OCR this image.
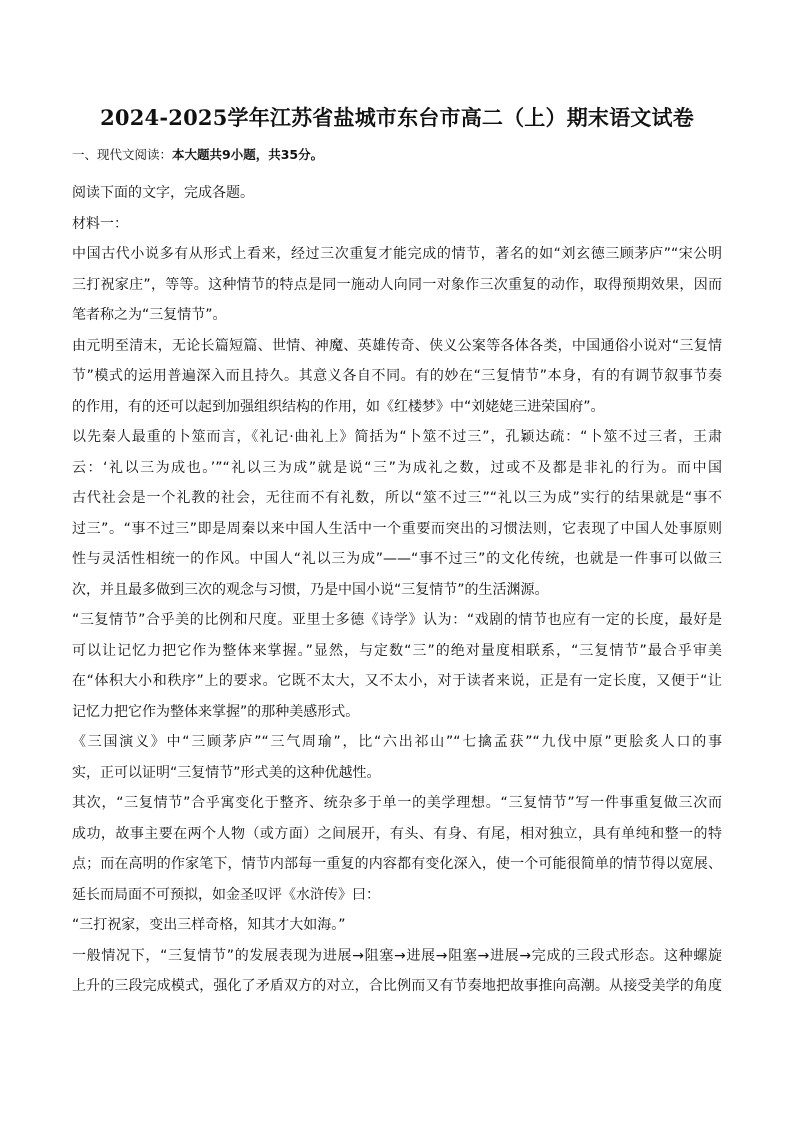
2024-2025学年江苏省盐城市东台市高二（上）期末语文试卷
一、现代文阅读：本大题共9小题，共35分。
阅读下面的文字，完成各题。
材料一：
中国古代小说多有从形式上看来，经过三次重复才能完成的情节，著名的如“刘玄德三顾茅庐”“宋公明
三打祝家庄”，等等。这种情节的特点是同一施动人向同一对象作三次重复的动作，取得预期效果，因而
笔者称之为“三复情节”。
由元明至清末，无论长篇短篇、世情、神魔、英雄传奇、侠义公案等各体各类，中国通俗小说对“三复情
节”模式的运用普遍深入而且持久。其意义各自不同。有的妙在“三复情节”本身，有的有调节叙事节奏
的作用，有的还可以起到加强组织结构的作用，如《红楼梦》中“刘姥姥三进荣国府”。
以先秦人最重的卜筮而言，《礼记·曲礼上》简括为“卜筮不过三”，孔颖达疏：“卜筮不过三者，王肃
云：‘礼以三为成也。’”“礼以三为成”就是说“三”为成礼之数，过或不及都是非礼的行为。而中国
古代社会是一个礼教的社会，无往而不有礼数，所以“筮不过三”“礼以三为成”实行的结果就是“事不
过三”。“事不过三”即是周秦以来中国人生活中一个重要而突出的习惯法则，它表现了中国人处事原则
性与灵活性相统一的作风。中国人“礼以三为成”——“事不过三”的文化传统，也就是一件事可以做三
次，并且最多做到三次的观念与习惯，乃是中国小说“三复情节”的生活渊源。
“三复情节”合乎美的比例和尺度。亚里士多德《诗学》认为：“戏剧的情节也应有一定的长度，最好是
可以让记忆力把它作为整体来掌握。”显然，与定数“三”的绝对量度相联系，“三复情节”最合乎审美
在“体积大小和秩序”上的要求。它既不太大，又不太小，对于读者来说，正是有一定长度，又便于“让
记忆力把它作为整体来掌握”的那种美感形式。
《三国演义》中“三顾茅庐”“三气周瑜”，比“六出祁山”“七擒孟获”“九伐中原”更脍炙人口的事
实，正可以证明“三复情节”形式美的这种优越性。
其次，“三复情节”合乎寓变化于整齐、统杂多于单一的美学理想。“三复情节”写一件事重复做三次而
成功，故事主要在两个人物（或方面）之间展开，有头、有身、有尾，相对独立，具有单纯和整一的特
点；而在高明的作家笔下，情节内部每一重复的内容都有变化深入，使一个可能很简单的情节得以宽展、
延长而局面不可预拟，如金圣叹评《水浒传》曰：
“三打祝家，变出三样奇格，知其才大如海。”
一般情况下，“三复情节”的发展表现为进展→阻塞→进展→阻塞→进展→完成的三段式形态。这种螺旋
上升的三段完成模式，强化了矛盾双方的对立，合比例而又有节奏地把故事推向高潮。从接受美学的角度
